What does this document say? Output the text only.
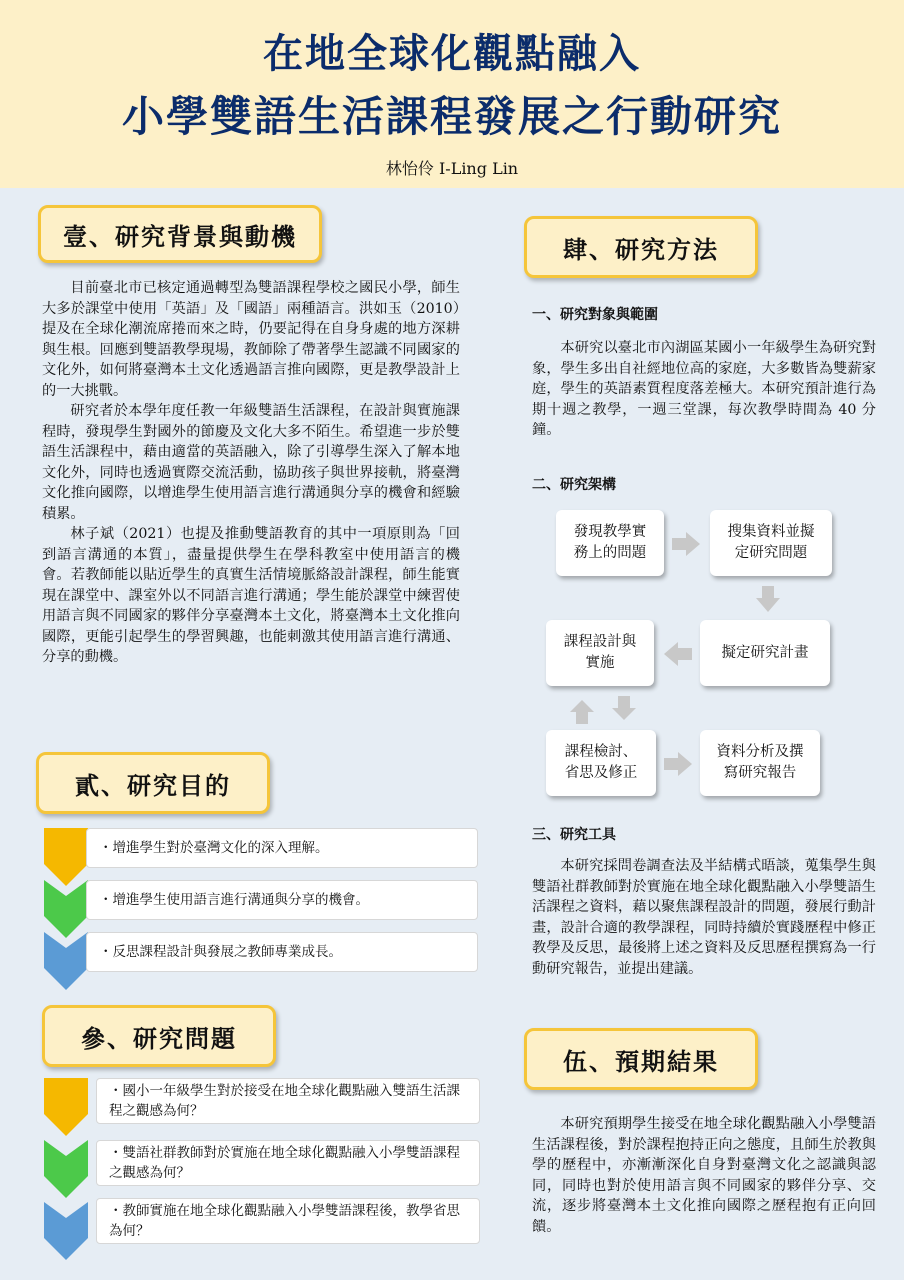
在地全球化觀點融入
小學雙語生活課程發展之行動研究
林怡伶 I-Ling Lin
壹、研究背景與動機

目前臺北市已核定通過轉型為雙語課程學校之國民小學，師生大多於課堂中使用「英語」及「國語」兩種語言。洪如玉（2010）提及在全球化潮流席捲而來之時，仍要記得在自身身處的地方深耕與生根。回應到雙語教學現場，教師除了帶著學生認識不同國家的文化外，如何將臺灣本土文化透過語言推向國際，更是教學設計上的一大挑戰。

研究者於本學年度任教一年級雙語生活課程，在設計與實施課程時，發現學生對國外的節慶及文化大多不陌生。希望進一步於雙語生活課程中，藉由適當的英語融入，除了引導學生深入了解本地文化外，同時也透過實際交流活動，協助孩子與世界接軌，將臺灣文化推向國際，以增進學生使用語言進行溝通與分享的機會和經驗積累。

林子斌（2021）也提及推動雙語教育的其中一項原則為「回到語言溝通的本質」，盡量提供學生在學科教室中使用語言的機會。若教師能以貼近學生的真實生活情境脈絡設計課程，師生能實現在課堂中、課室外以不同語言進行溝通；學生能於課堂中練習使用語言與不同國家的夥伴分享臺灣本土文化，將臺灣本土文化推向國際，更能引起學生的學習興趣，也能刺激其使用語言進行溝通、分享的動機。

貳、研究目的
・增進學生對於臺灣文化的深入理解。
・增進學生使用語言進行溝通與分享的機會。
・反思課程設計與發展之教師專業成長。
參、研究問題
・國小一年級學生對於接受在地全球化觀點融入雙語生活課程之觀感為何？
・雙語社群教師對於實施在地全球化觀點融入小學雙語課程之觀感為何？
・教師實施在地全球化觀點融入小學雙語課程後，教學省思為何？
肆、研究方法
一、研究對象與範圍

本研究以臺北市內湖區某國小一年級學生為研究對象，學生多出自社經地位高的家庭，大多數皆為雙薪家庭，學生的英語素質程度落差極大。本研究預計進行為期十週之教學，一週三堂課，每次教學時間為 40 分鐘。

二、研究架構
發現教學實務上的問題
搜集資料並擬定研究問題
擬定研究計畫
課程設計與實施
課程檢討、省思及修正
資料分析及撰寫研究報告
三、研究工具

本研究採問卷調查法及半結構式晤談，蒐集學生與雙語社群教師對於實施在地全球化觀點融入小學雙語生活課程之資料，藉以聚焦課程設計的問題，發展行動計畫，設計合適的教學課程，同時持續於實踐歷程中修正教學及反思，最後將上述之資料及反思歷程撰寫為一行動研究報告，並提出建議。

伍、預期結果

本研究預期學生接受在地全球化觀點融入小學雙語生活課程後，對於課程抱持正向之態度，且師生於教與學的歷程中，亦漸漸深化自身對臺灣文化之認識與認同，同時也對於使用語言與不同國家的夥伴分享、交流，逐步將臺灣本土文化推向國際之歷程抱有正向回饋。
